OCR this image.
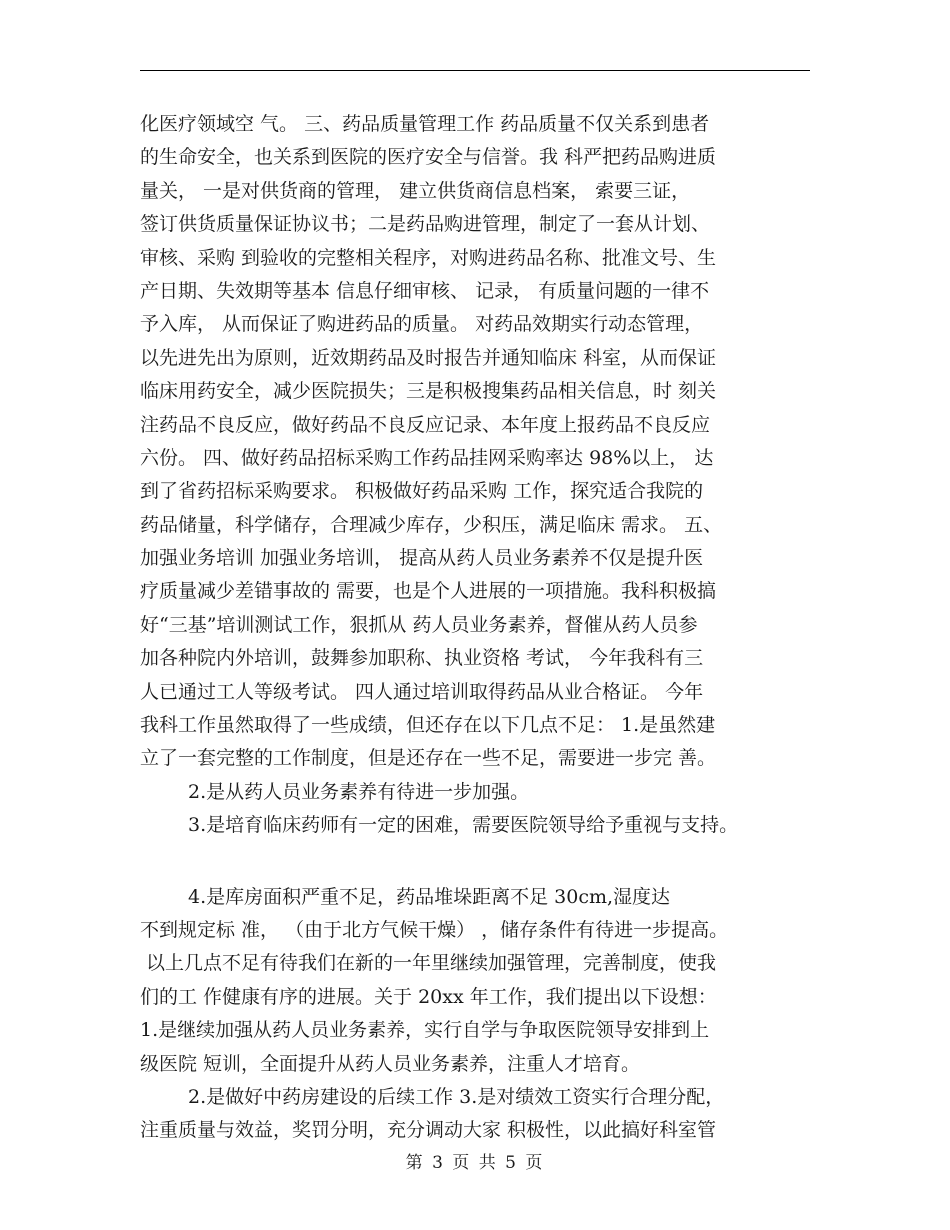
化医疗领域空 气。 三、药品质量管理工作 药品质量不仅关系到患者
的生命安全，也关系到医院的医疗安全与信誉。我 科严把药品购进质
量关， 一是对供货商的管理， 建立供货商信息档案， 索要三证，
签订供货质量保证协议书；二是药品购进管理，制定了一套从计划、
审核、采购 到验收的完整相关程序，对购进药品名称、批准文号、生
产日期、失效期等基本 信息仔细审核、 记录， 有质量问题的一律不
予入库， 从而保证了购进药品的质量。 对药品效期实行动态管理，
以先进先出为原则，近效期药品及时报告并通知临床 科室，从而保证
临床用药安全，减少医院损失；三是积极搜集药品相关信息，时 刻关
注药品不良反应，做好药品不良反应记录、本年度上报药品不良反应
六份。 四、做好药品招标采购工作药品挂网采购率达 98%以上， 达
到了省药招标采购要求。 积极做好药品采购 工作，探究适合我院的
药品储量，科学储存，合理减少库存，少积压，满足临床 需求。 五、
加强业务培训 加强业务培训， 提高从药人员业务素养不仅是提升医
疗质量减少差错事故的 需要，也是个人进展的一项措施。我科积极搞
好“三基”培训测试工作，狠抓从 药人员业务素养，督催从药人员参
加各种院内外培训，鼓舞参加职称、执业资格 考试， 今年我科有三
人已通过工人等级考试。 四人通过培训取得药品从业合格证。 今年
我科工作虽然取得了一些成绩，但还存在以下几点不足： 1.是虽然建
立了一套完整的工作制度，但是还存在一些不足，需要进一步完 善。
2.是从药人员业务素养有待进一步加强。
3.是培育临床药师有一定的困难，需要医院领导给予重视与支持。
4.是库房面积严重不足，药品堆垛距离不足 30cm,湿度达
不到规定标 准， （由于北方气候干燥） ，储存条件有待进一步提高。
以上几点不足有待我们在新的一年里继续加强管理，完善制度，使我
们的工 作健康有序的进展。关于 20xx 年工作，我们提出以下设想：
1.是继续加强从药人员业务素养，实行自学与争取医院领导安排到上
级医院 短训，全面提升从药人员业务素养，注重人才培育。
2.是做好中药房建设的后续工作 3.是对绩效工资实行合理分配，
注重质量与效益，奖罚分明，充分调动大家 积极性，以此搞好科室管
第 3 页 共 5 页
